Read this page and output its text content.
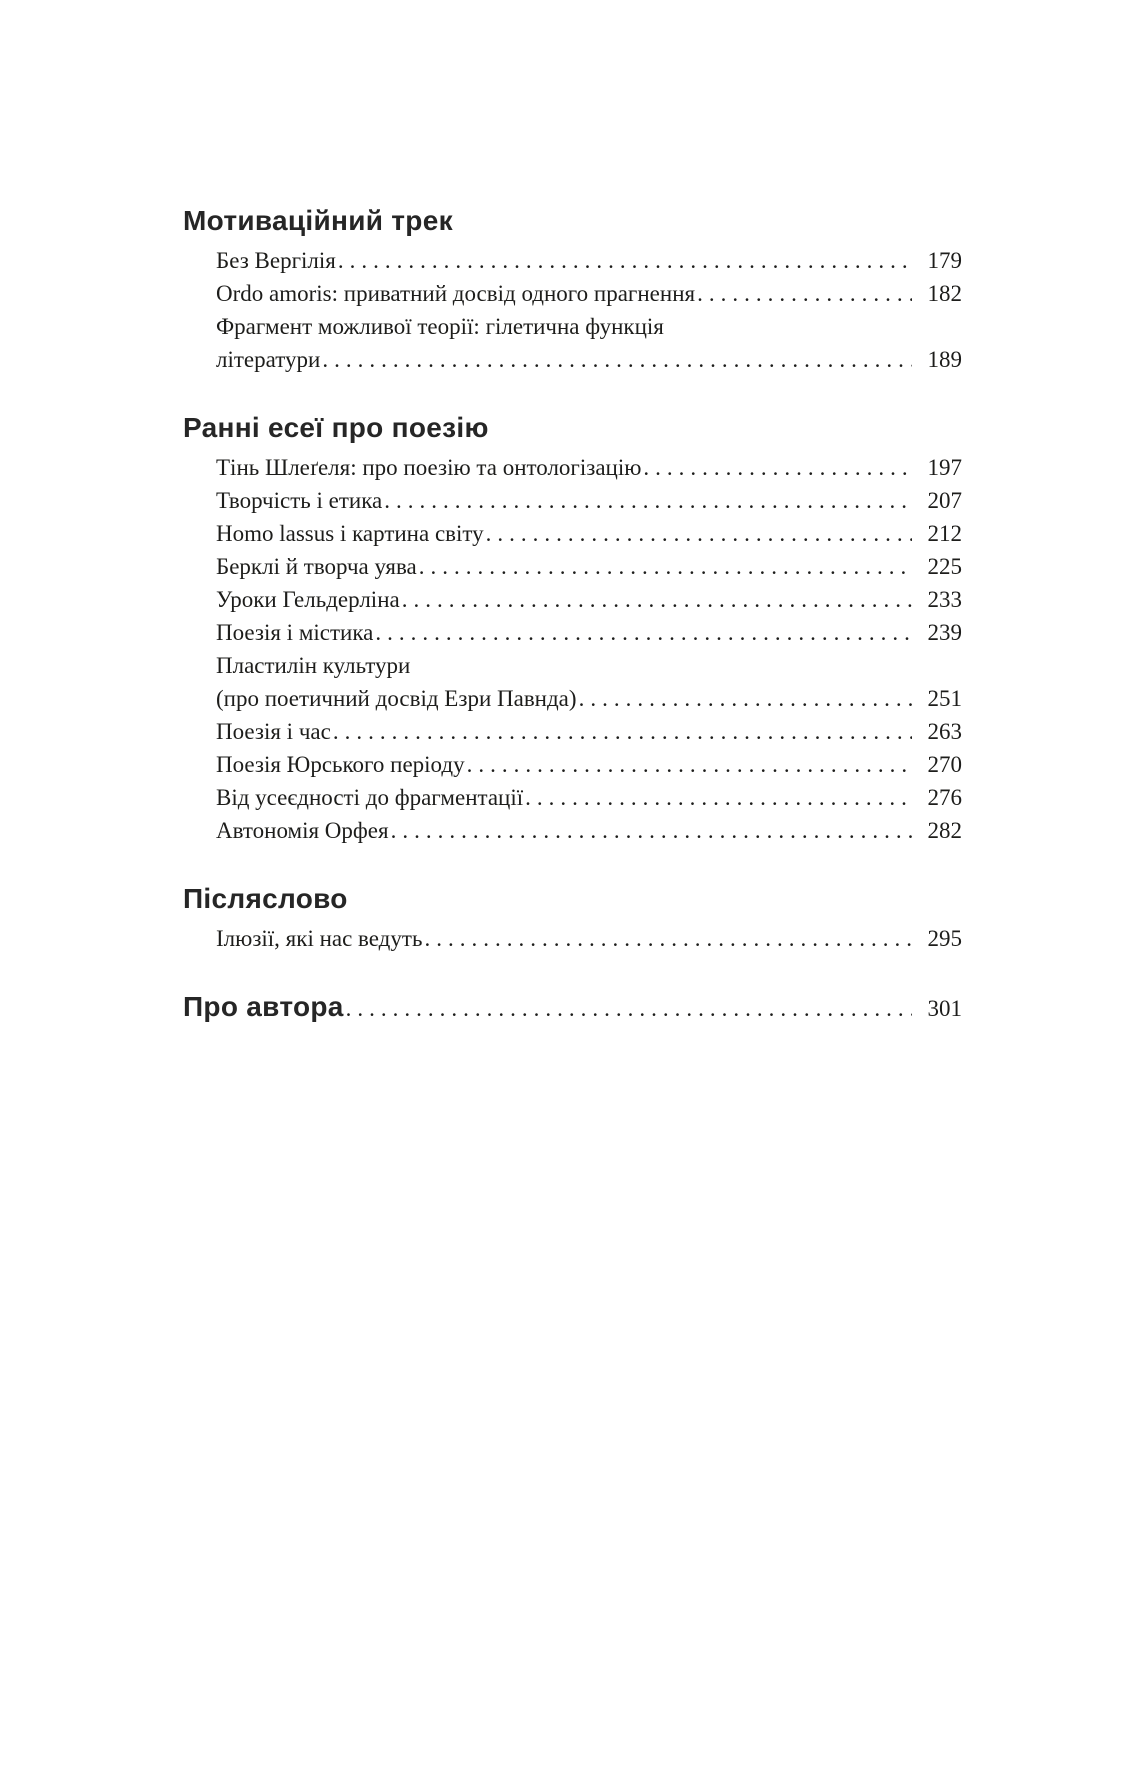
Мотиваційний трек
Без Вергілія .....	179
Ordo amoris: приватний досвід одного прагнення .....	182
Фрагмент можливої теорії: гілетична функція
літератури .....	189
Ранні есеї про поезію
Тінь Шлеґеля: про поезію та онтологізацію .....	197
Творчість і етика .....	207
Homo lassus і картина світу .....	212
Берклі й творча уява .....	225
Уроки Гельдерліна .....	233
Поезія і містика .....	239
Пластилін культури
(про поетичний досвід Езри Павнда) .....	251
Поезія і час .....	263
Поезія Юрського періоду .....	270
Від усеєдності до фрагментації .....	276
Автономія Орфея .....	282
Післяслово
Ілюзії, які нас ведуть .....	295
Про автора .....	301
